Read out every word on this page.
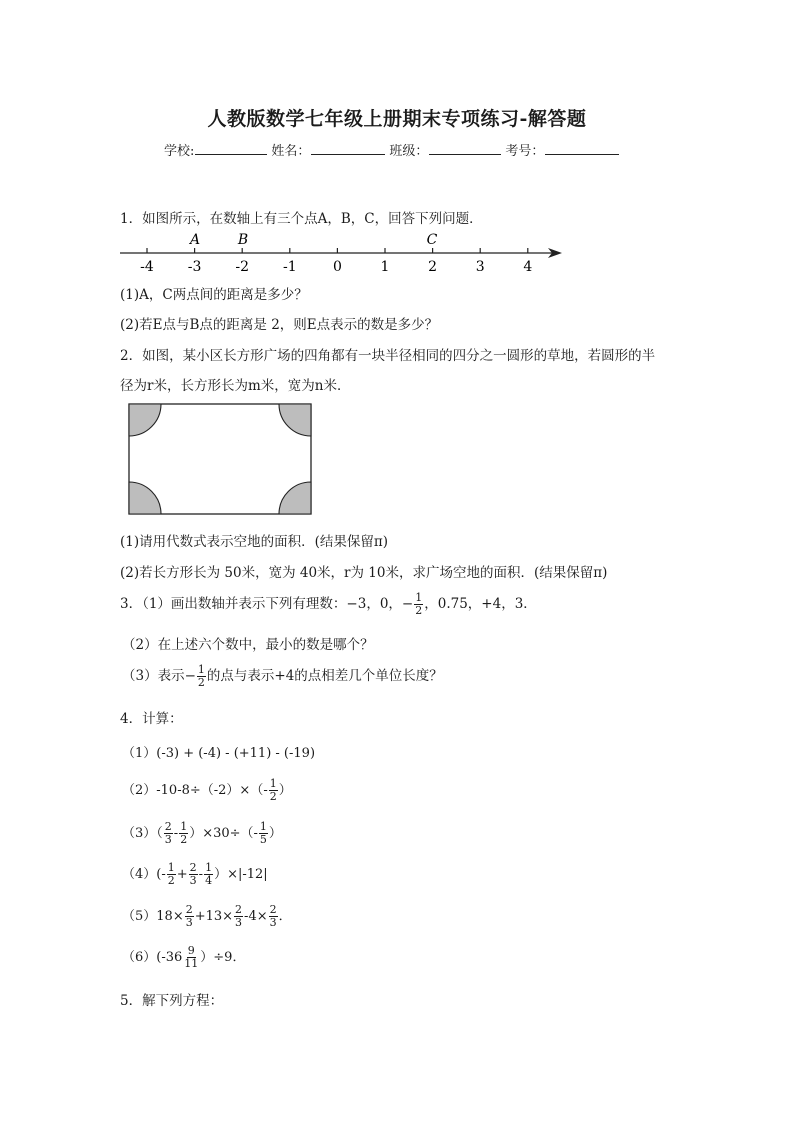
人教版数学七年级上册期末专项练习-解答题
学校:	姓名：	班级：	考号：
1．如图所示，在数轴上有三个点A，B，C，回答下列问题．
-4 -3 -2 -1	0	1	2	3	4
A	B	C
(1)A，C两点间的距离是多少？
(2)若E点与B点的距离是 2，则E点表示的数是多少？
2．如图，某小区长方形广场的四角都有一块半径相同的四分之一圆形的草地，若圆形的半
径为r米，长方形长为m米，宽为n米．
(1)请用代数式表示空地的面积．(结果保留π)
(2)若长方形长为 50米，宽为 40米，r为 10米，求广场空地的面积．(结果保留π)
3．（1）画出数轴并表示下列有理数：−3，0，− $\frac{1}{2}$ ，0.75，+4，3．
（2）在上述六个数中，最小的数是哪个？
（3）表示− $\frac{1}{2}$ 的点与表示+4的点相差几个单位长度？
4．计算：
（1）(-3) + (-4) - (+11) - (-19)
$(2)-10-8\div(-2)\times(- \frac{1}{2}$ ）
$(3)( \frac{2}{3} - \frac{1}{2} )\times 30\div(- \frac{1}{5}$ ）
$(4)(- \frac{1}{2} + \frac{2}{3} - \frac{1}{4} )\times|-12|$
$(5)18\times \frac{2}{3} +13\times \frac{2}{3} -4\times \frac{2}{3}$ ．
$(6)(-36 \frac{9}{11} )\div 9$．
5．解下列方程：
